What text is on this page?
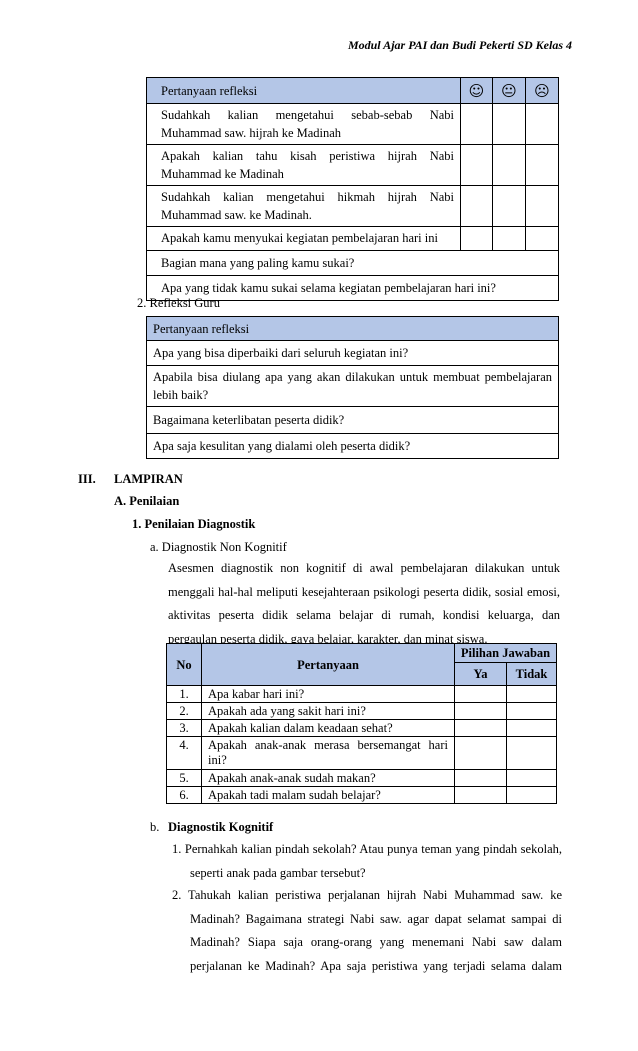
Modul Ajar PAI dan Budi Pekerti SD Kelas 4
Pertanyaan refleksi	☺	😐	☹
Sudahkah kalian mengetahui sebab-sebab Nabi Muhammad saw. hijrah ke Madinah			
Apakah kalian tahu kisah peristiwa hijrah Nabi Muhammad ke Madinah			
Sudahkah kalian mengetahui hikmah hijrah Nabi Muhammad saw. ke Madinah.			
Apakah kamu menyukai kegiatan pembelajaran hari ini			
Bagian mana yang paling kamu sukai?			
Apa yang tidak kamu sukai selama kegiatan pembelajaran hari ini?			
2. Refleksi Guru
Pertanyaan refleksi
Apa yang bisa diperbaiki dari seluruh kegiatan ini?
Apabila bisa diulang apa yang akan dilakukan untuk membuat pembelajaran lebih baik?
Bagaimana keterlibatan peserta didik?
Apa saja kesulitan yang dialami oleh peserta didik?
III. LAMPIRAN
A. Penilaian
1. Penilaian Diagnostik
a. Diagnostik Non Kognitif
Asesmen diagnostik non kognitif di awal pembelajaran dilakukan untuk
menggali hal-hal meliputi kesejahteraan psikologi peserta didik, sosial emosi,
aktivitas peserta didik selama belajar di rumah, kondisi keluarga, dan
pergaulan peserta didik, gaya belajar, karakter, dan minat siswa.
No	Pertanyaan	Pilihan Jawaban	
		Ya	Tidak
1.	Apa kabar hari ini?		
2.	Apakah ada yang sakit hari ini?		
3.	Apakah kalian dalam keadaan sehat?		
4.	Apakah anak-anak merasa bersemangat hari ini?		
5.	Apakah anak-anak sudah makan?		
6.	Apakah tadi malam sudah belajar?		
b. Diagnostik Kognitif
1. Pernahkah kalian pindah sekolah? Atau punya teman yang pindah sekolah,
seperti anak pada gambar tersebut?
2. Tahukah kalian peristiwa perjalanan hijrah Nabi Muhammad saw. ke
Madinah? Bagaimana strategi Nabi saw. agar dapat selamat sampai di
Madinah? Siapa saja orang-orang yang menemani Nabi saw dalam
perjalanan ke Madinah? Apa saja peristiwa yang terjadi selama dalam
